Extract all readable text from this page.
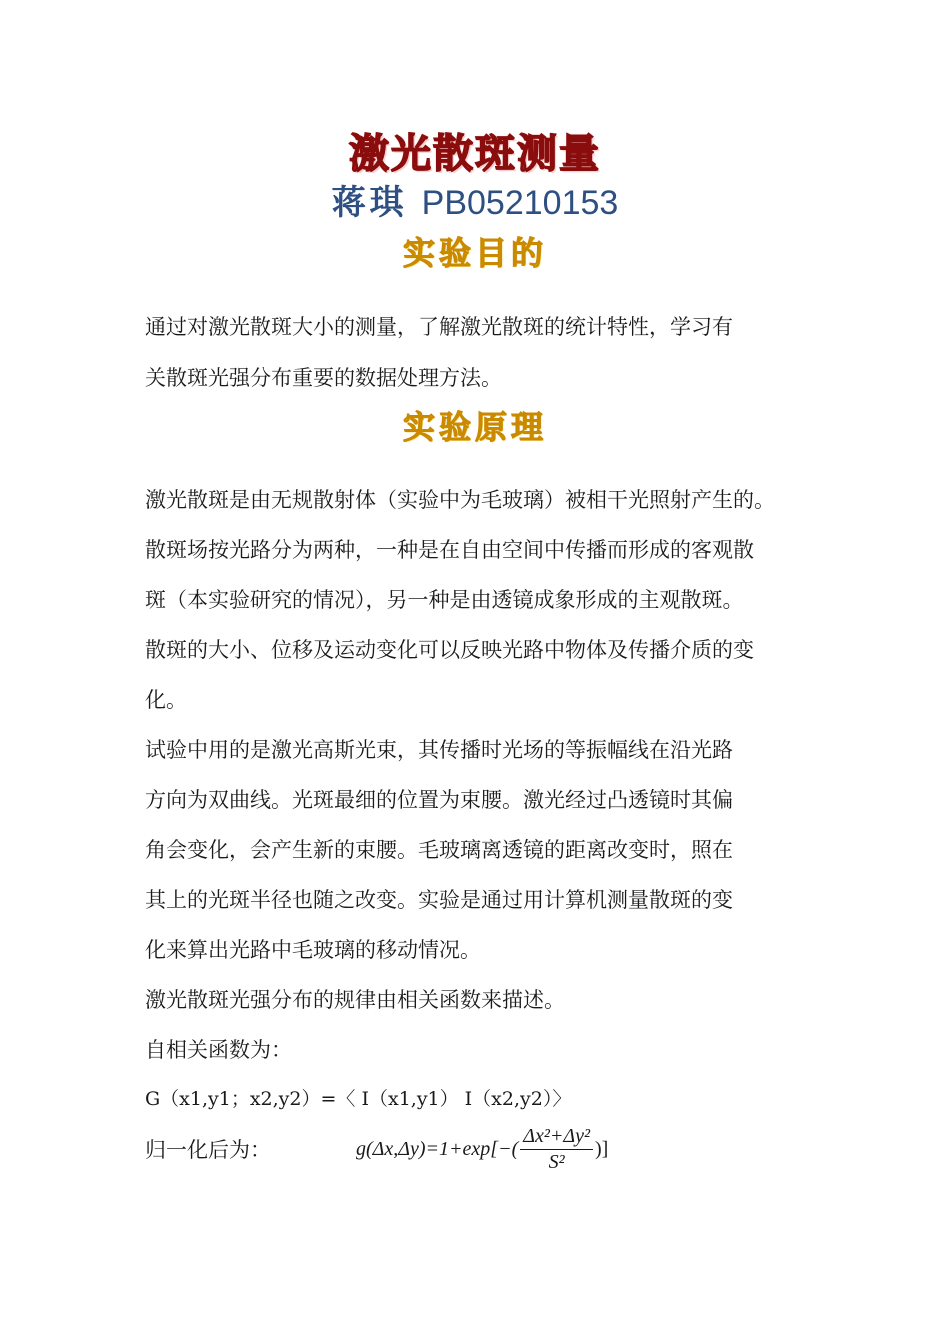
激光散斑测量
蒋琪 PB05210153
实验目的
通过对激光散斑大小的测量，了解激光散斑的统计特性，学习有
关散斑光强分布重要的数据处理方法。
实验原理
激光散斑是由无规散射体（实验中为毛玻璃）被相干光照射产生的。
散斑场按光路分为两种，一种是在自由空间中传播而形成的客观散
斑（本实验研究的情况），另一种是由透镜成象形成的主观散斑。
散斑的大小、位移及运动变化可以反映光路中物体及传播介质的变
化。
试验中用的是激光高斯光束，其传播时光场的等振幅线在沿光路
方向为双曲线。光斑最细的位置为束腰。激光经过凸透镜时其偏
角会变化，会产生新的束腰。毛玻璃离透镜的距离改变时，照在
其上的光斑半径也随之改变。实验是通过用计算机测量散斑的变
化来算出光路中毛玻璃的移动情况。
激光散斑光强分布的规律由相关函数来描述。
自相关函数为：
G（x1,y1；x2,y2）=〈 I（x1,y1） I（x2,y2）〉
归一化后为：	$g(\Delta x,\Delta y)=1+\exp[-( \frac{\text{Δx²+Δy²}}{\text{S²}}$ )]
